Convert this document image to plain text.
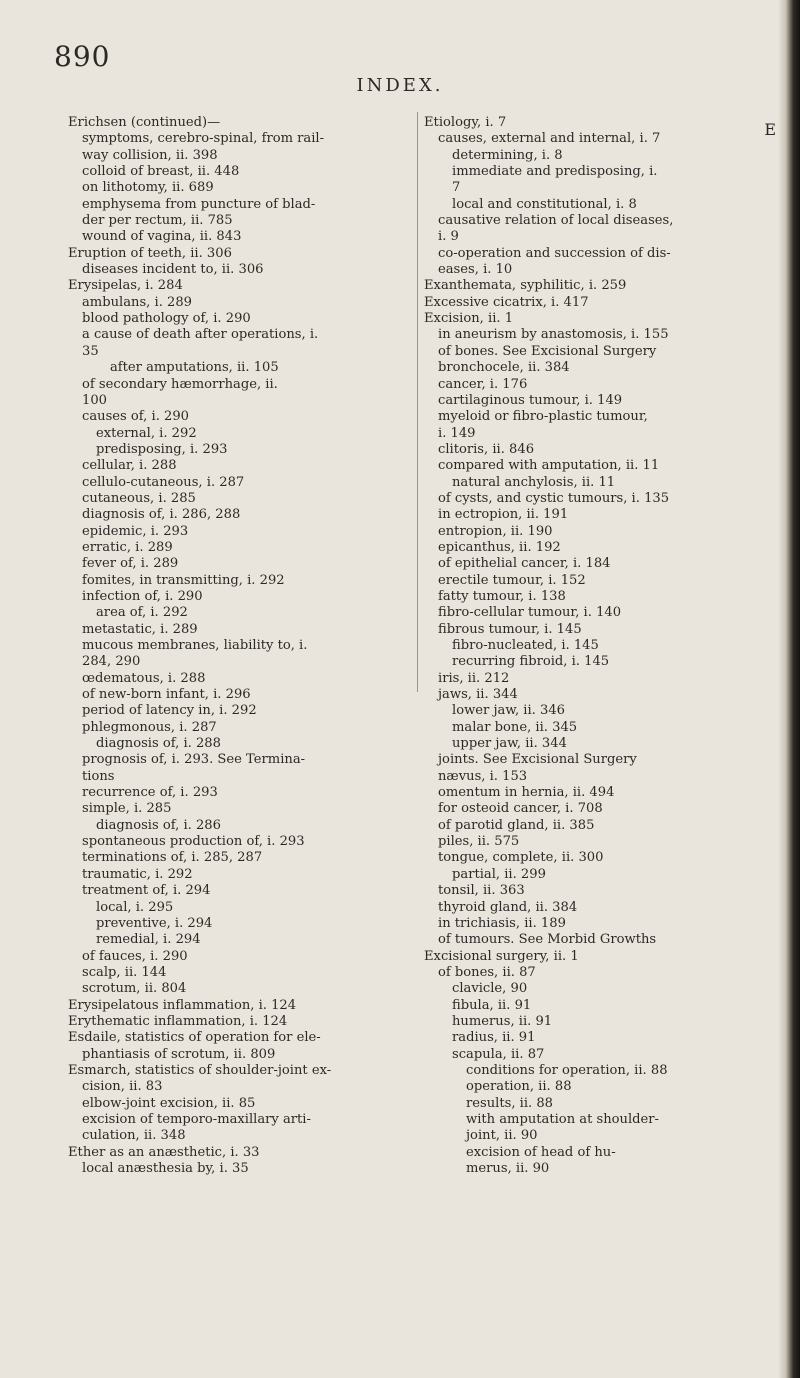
890
INDEX.
Erichsen (continued)—
symptoms, cerebro-spinal, from rail-
way collision, ii. 398
colloid of breast, ii. 448
on lithotomy, ii. 689
emphysema from puncture of blad-
der per rectum, ii. 785
wound of vagina, ii. 843
Eruption of teeth, ii. 306
diseases incident to, ii. 306
Erysipelas, i. 284
ambulans, i. 289
blood pathology of, i. 290
a cause of death after operations, i.
35
after amputations, ii. 105
of secondary hæmorrhage, ii.
100
causes of, i. 290
external, i. 292
predisposing, i. 293
cellular, i. 288
cellulo-cutaneous, i. 287
cutaneous, i. 285
diagnosis of, i. 286, 288
epidemic, i. 293
erratic, i. 289
fever of, i. 289
fomites, in transmitting, i. 292
infection of, i. 290
area of, i. 292
metastatic, i. 289
mucous membranes, liability to, i.
284, 290
œdematous, i. 288
of new-born infant, i. 296
period of latency in, i. 292
phlegmonous, i. 287
diagnosis of, i. 288
prognosis of, i. 293. See Termina-
tions
recurrence of, i. 293
simple, i. 285
diagnosis of, i. 286
spontaneous production of, i. 293
terminations of, i. 285, 287
traumatic, i. 292
treatment of, i. 294
local, i. 295
preventive, i. 294
remedial, i. 294
of fauces, i. 290
scalp, ii. 144
scrotum, ii. 804
Erysipelatous inflammation, i. 124
Erythematic inflammation, i. 124
Esdaile, statistics of operation for ele-
phantiasis of scrotum, ii. 809
Esmarch, statistics of shoulder-joint ex-
cision, ii. 83
elbow-joint excision, ii. 85
excision of temporo-maxillary arti-
culation, ii. 348
Ether as an anæsthetic, i. 33
local anæsthesia by, i. 35
Etiology, i. 7
causes, external and internal, i. 7
determining, i. 8
immediate and predisposing, i.
7
local and constitutional, i. 8
causative relation of local diseases,
i. 9
co-operation and succession of dis-
eases, i. 10
Exanthemata, syphilitic, i. 259
Excessive cicatrix, i. 417
Excision, ii. 1
in aneurism by anastomosis, i. 155
of bones. See Excisional Surgery
bronchocele, ii. 384
cancer, i. 176
cartilaginous tumour, i. 149
myeloid or fibro-plastic tumour,
i. 149
clitoris, ii. 846
compared with amputation, ii. 11
natural anchylosis, ii. 11
of cysts, and cystic tumours, i. 135
in ectropion, ii. 191
entropion, ii. 190
epicanthus, ii. 192
of epithelial cancer, i. 184
erectile tumour, i. 152
fatty tumour, i. 138
fibro-cellular tumour, i. 140
fibrous tumour, i. 145
fibro-nucleated, i. 145
recurring fibroid, i. 145
iris, ii. 212
jaws, ii. 344
lower jaw, ii. 346
malar bone, ii. 345
upper jaw, ii. 344
joints. See Excisional Surgery
nævus, i. 153
omentum in hernia, ii. 494
for osteoid cancer, i. 708
of parotid gland, ii. 385
piles, ii. 575
tongue, complete, ii. 300
partial, ii. 299
tonsil, ii. 363
thyroid gland, ii. 384
in trichiasis, ii. 189
of tumours. See Morbid Growths
Excisional surgery, ii. 1
of bones, ii. 87
clavicle, 90
fibula, ii. 91
humerus, ii. 91
radius, ii. 91
scapula, ii. 87
conditions for operation, ii. 88
operation, ii. 88
results, ii. 88
with amputation at shoulder-
joint, ii. 90
excision of head of hu-
merus, ii. 90
E
